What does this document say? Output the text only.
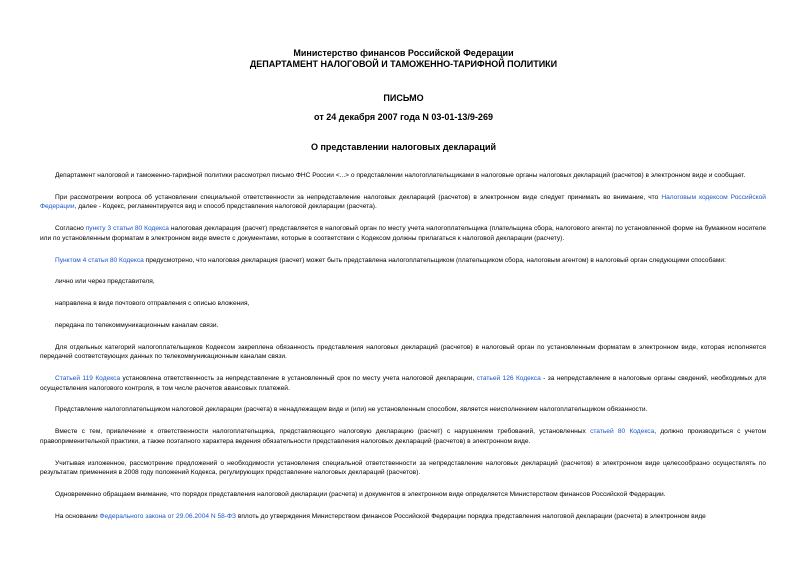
Министерство финансов Российской Федерации
ДЕПАРТАМЕНТ НАЛОГОВОЙ И ТАМОЖЕННО-ТАРИФНОЙ ПОЛИТИКИ
ПИСЬМО
от 24 декабря 2007 года N 03-01-13/9-269
О представлении налоговых деклараций

Департамент налоговой и таможенно-тарифной политики рассмотрел письмо ФНС России <...> о представлении налогоплательщиками в налоговые органы налоговых деклараций (расчетов) в электронном виде и сообщает.

При рассмотрении вопроса об установлении специальной ответственности за непредставление налоговых деклараций (расчетов) в электронном виде следует принимать во внимание, что Налоговым кодексом Российской Федерации, далее - Кодекс, регламентируется вид и способ представления налоговой декларации (расчета).

Согласно пункту 3 статьи 80 Кодекса налоговая декларация (расчет) представляется в налоговый орган по месту учета налогоплательщика (плательщика сбора, налогового агента) по установленной форме на бумажном носителе или по установленным форматам в электронном виде вместе с документами, которые в соответствии с Кодексом должны прилагаться к налоговой декларации (расчету).

Пунктом 4 статьи 80 Кодекса предусмотрено, что налоговая декларация (расчет) может быть представлена налогоплательщиком (плательщиком сбора, налоговым агентом) в налоговый орган следующими способами:

лично или через представителя,

направлена в виде почтового отправления с описью вложения,

передана по телекоммуникационным каналам связи.

Для отдельных категорий налогоплательщиков Кодексом закреплена обязанность представления налоговых деклараций (расчетов) в налоговый орган по установленным форматам в электронном виде, которая исполняется передачей соответствующих данных по телекоммуникационным каналам связи.

Статьей 119 Кодекса установлена ответственность за непредставление в установленный срок по месту учета налоговой декларации, статьей 126 Кодекса - за непредставление в налоговые органы сведений, необходимых для осуществления налогового контроля, в том числе расчетов авансовых платежей.

Представление налогоплательщиком налоговой декларации (расчета) в ненадлежащем виде и (или) не установленным способом, является неисполнением налогоплательщиком обязанности.

Вместе с тем, привлечение к ответственности налогоплательщика, представляющего налоговую декларацию (расчет) с нарушением требований, установленных статьей 80 Кодекса, должно производиться с учетом правоприменительной практики, а также поэтапного характера ведения обязательности представления налоговых деклараций (расчетов) в электронном виде.

Учитывая изложенное, рассмотрение предложений о необходимости установления специальной ответственности за непредставление налоговых деклараций (расчетов) в электронном виде целесообразно осуществлять по результатам применения в 2008 году положений Кодекса, регулирующих представление налоговых деклараций (расчетов).

Одновременно обращаем внимание, что порядок представления налоговой декларации (расчета) и документов в электронном виде определяется Министерством финансов Российской Федерации.

На основании Федерального закона от 29.06.2004 N 58-ФЗ вплоть до утверждения Министерством финансов Российской Федерации порядка представления налоговой декларации (расчета) в электронном виде
